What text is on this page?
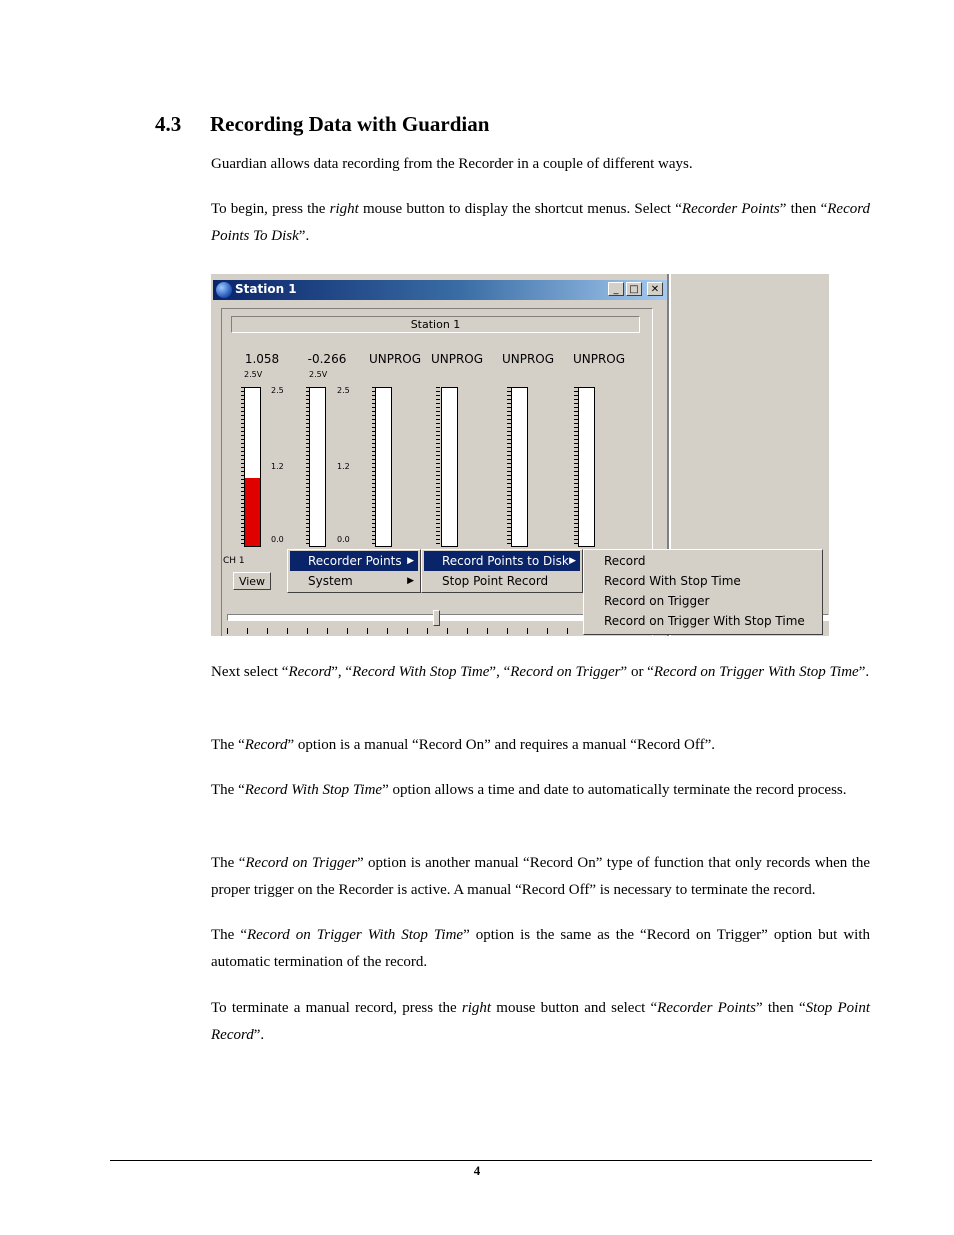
4.3 Recording Data with Guardian
Guardian allows data recording from the Recorder in a couple of different ways.
To begin, press the right mouse button to display the shortcut menus. Select “Recorder Points” then “Record Points To Disk”.
Station 1	_	□	✕
Station 1
1.058	-0.266	UNPROG UNPROG	UNPROG	UNPROG
2.5V	2.5V
2.5
1.2
0.0
2.5
1.2
0.0
CH 1
View
Recorder Points ▶
System	▶
Record Points to Disk ▶
Stop Point Record
Record
Record With Stop Time
Record on Trigger
Record on Trigger With Stop Time
Next select “Record”, “Record With Stop Time”, “Record on Trigger” or “Record on Trigger With Stop Time”.
The “Record” option is a manual “Record On” and requires a manual “Record Off”.
The “Record With Stop Time” option allows a time and date to automatically terminate the record process.
The “Record on Trigger” option is another manual “Record On” type of function that only records when the proper trigger on the Recorder is active. A manual “Record Off” is necessary to terminate the record.
The “Record on Trigger With Stop Time” option is the same as the “Record on Trigger” option but with automatic termination of the record.
To terminate a manual record, press the right mouse button and select “Recorder Points” then “Stop Point Record”.
4
